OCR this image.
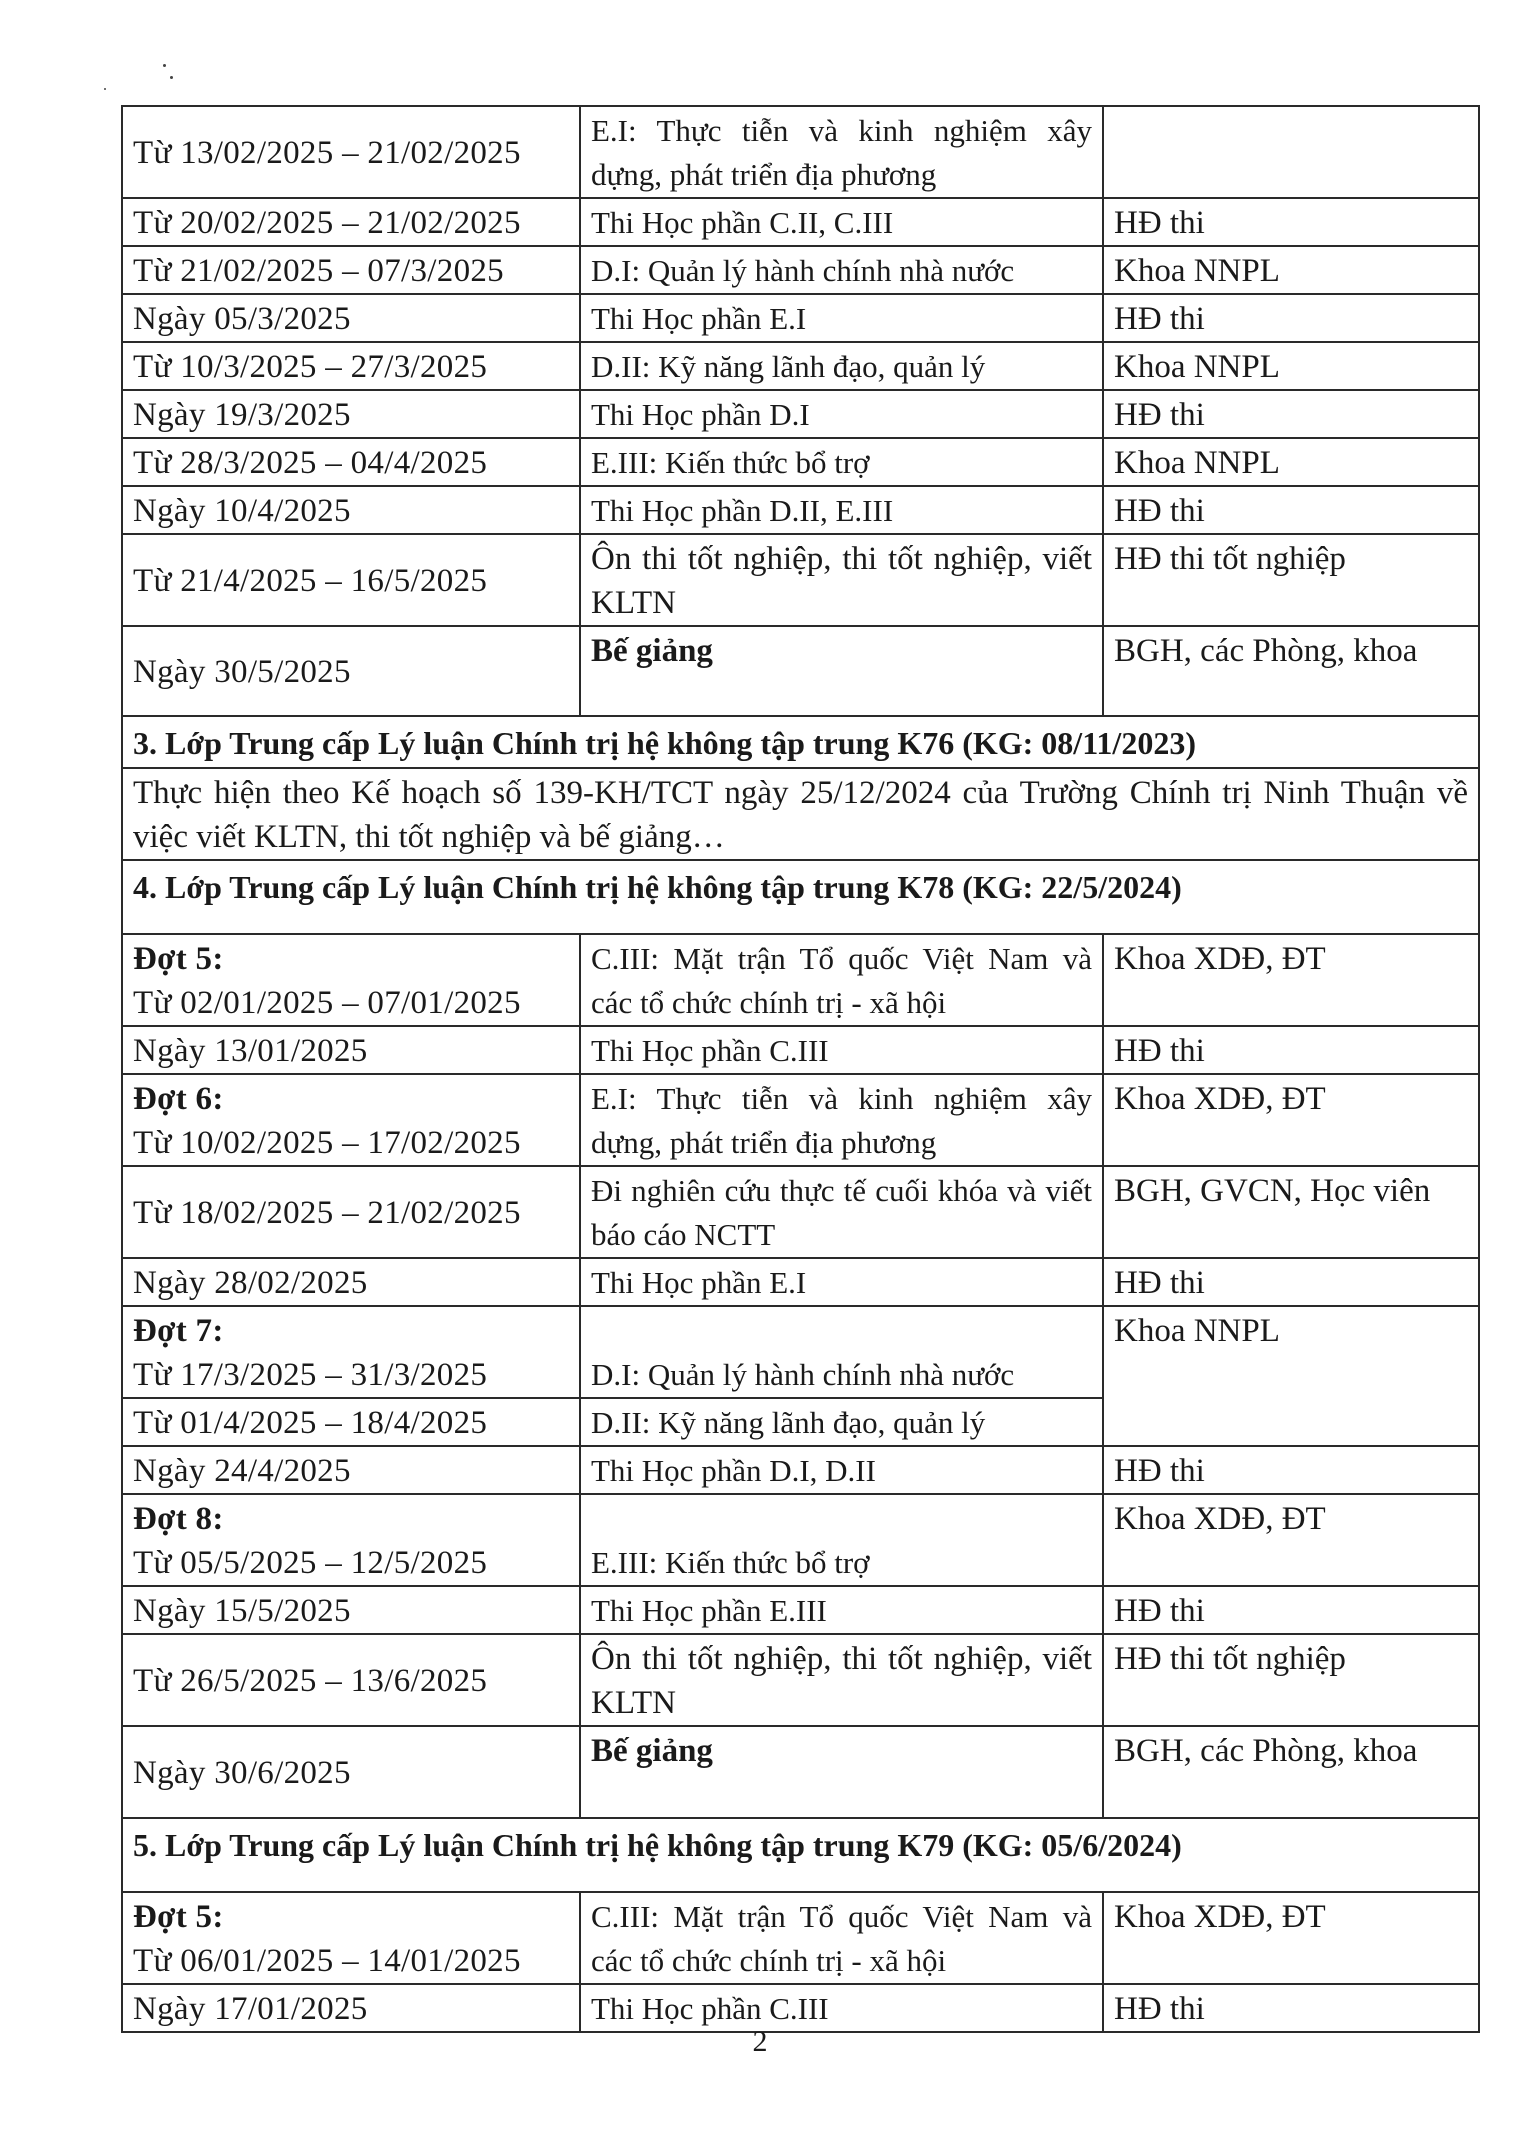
Từ 13/02/2025 – 21/02/2025	E.I: Thực tiễn và kinh nghiệm xây dựng, phát triển địa phương	
Từ 20/02/2025 – 21/02/2025	Thi Học phần C.II, C.III	HĐ thi
Từ 21/02/2025 – 07/3/2025	D.I: Quản lý hành chính nhà nước	Khoa NNPL
Ngày 05/3/2025	Thi Học phần E.I	HĐ thi
Từ 10/3/2025 – 27/3/2025	D.II: Kỹ năng lãnh đạo, quản lý	Khoa NNPL
Ngày 19/3/2025	Thi Học phần D.I	HĐ thi
Từ 28/3/2025 – 04/4/2025	E.III: Kiến thức bổ trợ	Khoa NNPL
Ngày 10/4/2025	Thi Học phần D.II, E.III	HĐ thi
Từ 21/4/2025 – 16/5/2025	Ôn thi tốt nghiệp, thi tốt nghiệp, viết KLTN	HĐ thi tốt nghiệp
Ngày 30/5/2025	Bế giảng	BGH, các Phòng, khoa
3. Lớp Trung cấp Lý luận Chính trị hệ không tập trung K76 (KG: 08/11/2023)		
Thực hiện theo Kế hoạch số 139-KH/TCT ngày 25/12/2024 của Trường Chính trị Ninh Thuận về việc viết KLTN, thi tốt nghiệp và bế giảng…		
4. Lớp Trung cấp Lý luận Chính trị hệ không tập trung K78 (KG: 22/5/2024)		

Đợt 5:
Từ 02/01/2025 – 07/01/2025	C.III: Mặt trận Tổ quốc Việt Nam và các tổ chức chính trị - xã hội	Khoa XDĐ, ĐT
Ngày 13/01/2025	Thi Học phần C.III	HĐ thi

Đợt 6:
Từ 10/02/2025 – 17/02/2025	E.I: Thực tiễn và kinh nghiệm xây dựng, phát triển địa phương	Khoa XDĐ, ĐT
Từ 18/02/2025 – 21/02/2025	Đi nghiên cứu thực tế cuối khóa và viết báo cáo NCTT	BGH, GVCN, Học viên
Ngày 28/02/2025	Thi Học phần E.I	HĐ thi

Đợt 7:
Từ 17/3/2025 – 31/3/2025	D.I: Quản lý hành chính nhà nước	Khoa NNPL
Từ 01/4/2025 – 18/4/2025	D.II: Kỹ năng lãnh đạo, quản lý	
Ngày 24/4/2025	Thi Học phần D.I, D.II	HĐ thi

Đợt 8:
Từ 05/5/2025 – 12/5/2025	E.III: Kiến thức bổ trợ	Khoa XDĐ, ĐT
Ngày 15/5/2025	Thi Học phần E.III	HĐ thi
Từ 26/5/2025 – 13/6/2025	Ôn thi tốt nghiệp, thi tốt nghiệp, viết KLTN	HĐ thi tốt nghiệp
Ngày 30/6/2025	Bế giảng	BGH, các Phòng, khoa
5. Lớp Trung cấp Lý luận Chính trị hệ không tập trung K79 (KG: 05/6/2024)		

Đợt 5:
Từ 06/01/2025 – 14/01/2025	C.III: Mặt trận Tổ quốc Việt Nam và các tổ chức chính trị - xã hội	Khoa XDĐ, ĐT
Ngày 17/01/2025	Thi Học phần C.III	HĐ thi
2
